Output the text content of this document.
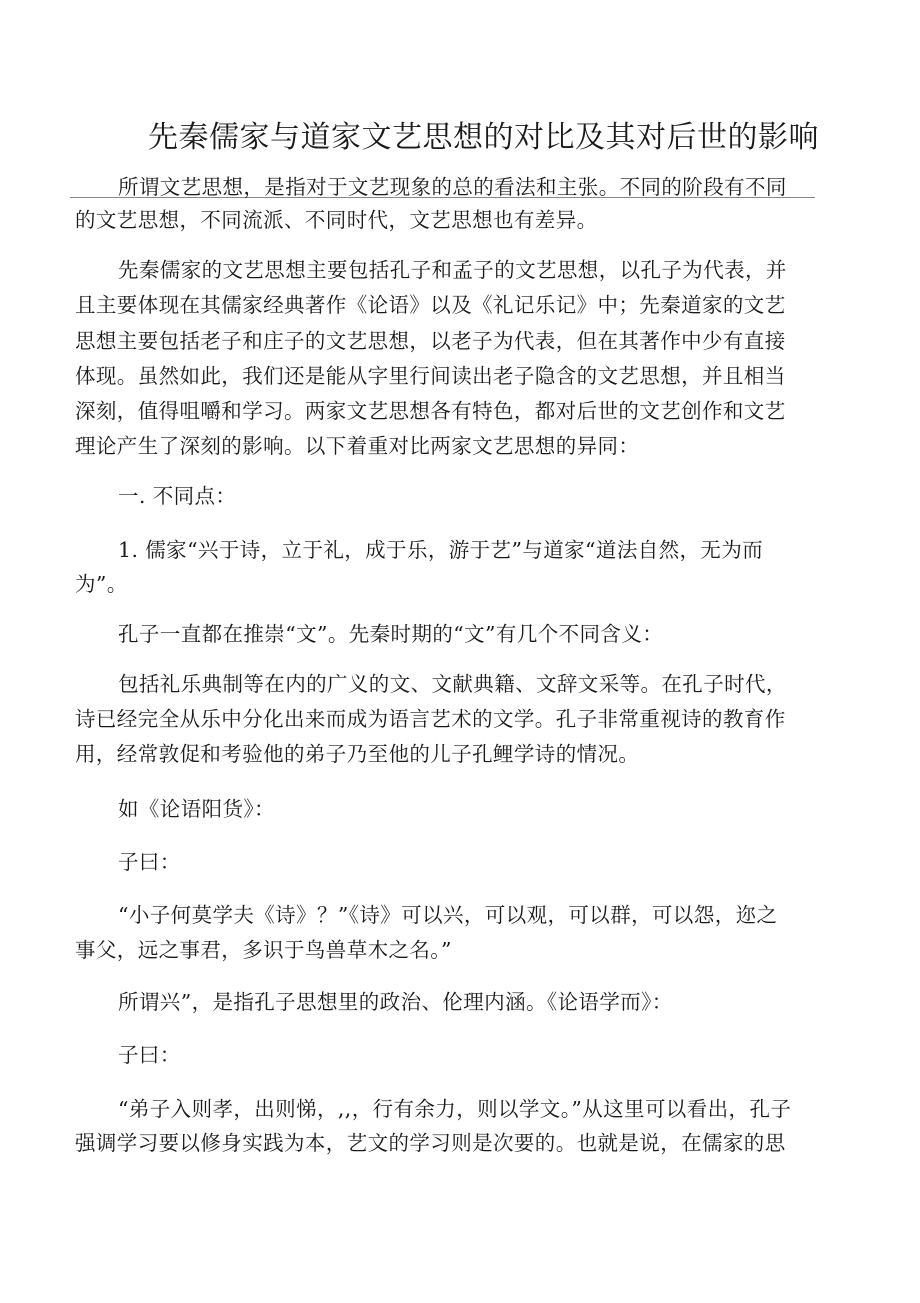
先秦儒家与道家文艺思想的对比及其对后世的影响
所谓文艺思想，是指对于文艺现象的总的看法和主张。不同的阶段有不同
的文艺思想，不同流派、不同时代，文艺思想也有差异。
先秦儒家的文艺思想主要包括孔子和孟子的文艺思想，以孔子为代表，并
且主要体现在其儒家经典著作《论语》以及《礼记乐记》中；先秦道家的文艺
思想主要包括老子和庄子的文艺思想，以老子为代表，但在其著作中少有直接
体现。虽然如此，我们还是能从字里行间读出老子隐含的文艺思想，并且相当
深刻，值得咀嚼和学习。两家文艺思想各有特色，都对后世的文艺创作和文艺
理论产生了深刻的影响。以下着重对比两家文艺思想的异同：
一. 不同点：
1. 儒家“兴于诗，立于礼，成于乐，游于艺”与道家“道法自然，无为而
为”。
孔子一直都在推崇“文”。先秦时期的“文”有几个不同含义：
包括礼乐典制等在内的广义的文、文献典籍、文辞文采等。在孔子时代，
诗已经完全从乐中分化出来而成为语言艺术的文学。孔子非常重视诗的教育作
用，经常敦促和考验他的弟子乃至他的儿子孔鲤学诗的情况。
如《论语阳货》：
子曰：
“小子何莫学夫《诗》？”《诗》可以兴，可以观，可以群，可以怨，迩之
事父，远之事君，多识于鸟兽草木之名。”
所谓兴”，是指孔子思想里的政治、伦理内涵。《论语学而》：
子曰：
“弟子入则孝，出则悌，,,，行有余力，则以学文。”从这里可以看出，孔子
强调学习要以修身实践为本，艺文的学习则是次要的。也就是说，在儒家的思
